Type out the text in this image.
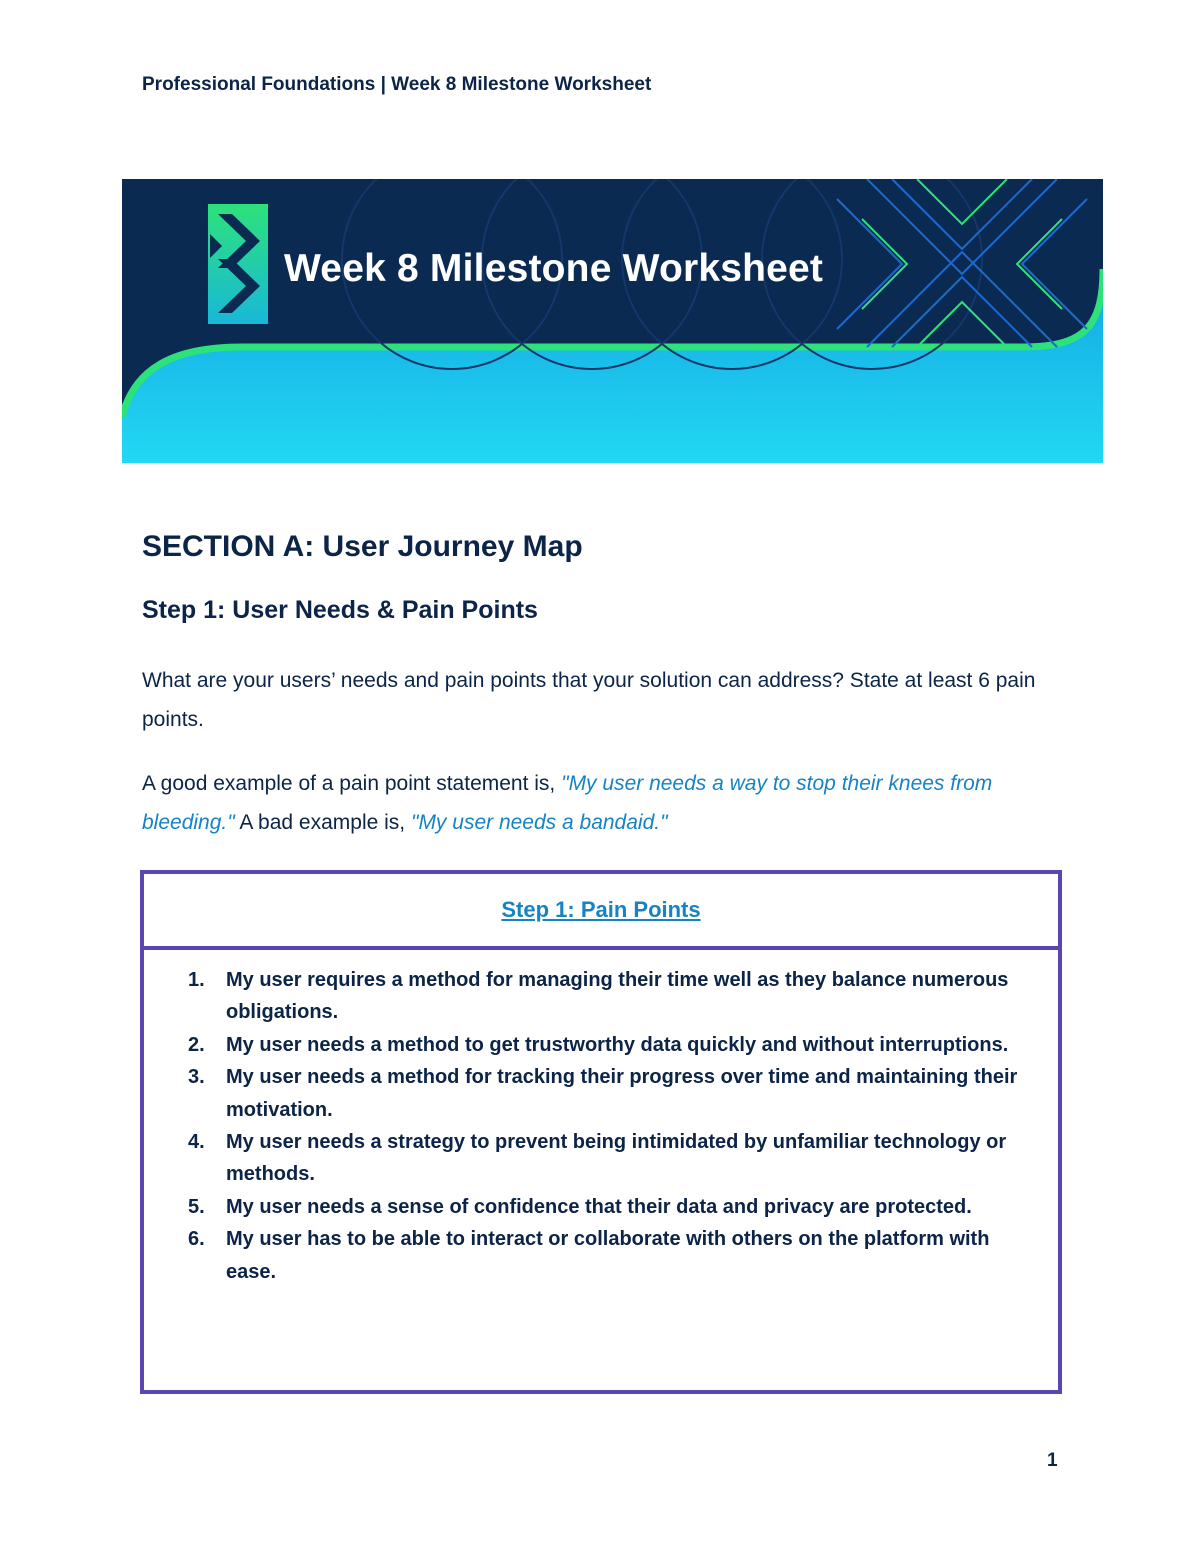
Professional Foundations | Week 8 Milestone Worksheet
Week 8 Milestone Worksheet
SECTION A: User Journey Map
Step 1: User Needs & Pain Points
What are your users’ needs and pain points that your solution can address? State at least 6 pain points.
A good example of a pain point statement is, "My user needs a way to stop their knees from bleeding." A bad example is, "My user needs a bandaid."
Step 1: Pain Points
1. My user requires a method for managing their time well as they balance numerous obligations.
2. My user needs a method to get trustworthy data quickly and without interruptions.
3. My user needs a method for tracking their progress over time and maintaining their motivation.
4. My user needs a strategy to prevent being intimidated by unfamiliar technology or methods.
5. My user needs a sense of confidence that their data and privacy are protected.
6. My user has to be able to interact or collaborate with others on the platform with ease.
1
